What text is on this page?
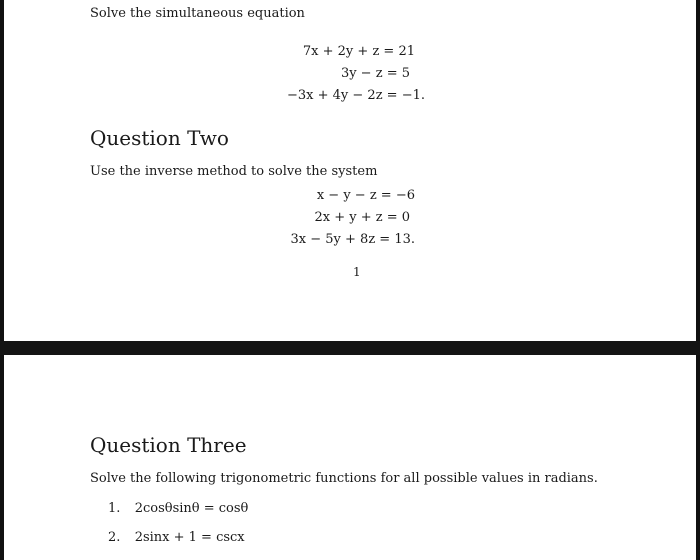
Solve the simultaneous equation
7x + 2y + z = 21
3y − z = 5
−3x + 4y − 2z = −1.
Question Two
Use the inverse method to solve the system
x − y − z = −6
2x + y + z = 0
3x − 5y + 8z = 13.
1
Question Three
Solve the following trigonometric functions for all possible values in radians.
1. 2cosθsinθ = cosθ
2. 2sinx + 1 = cscx
